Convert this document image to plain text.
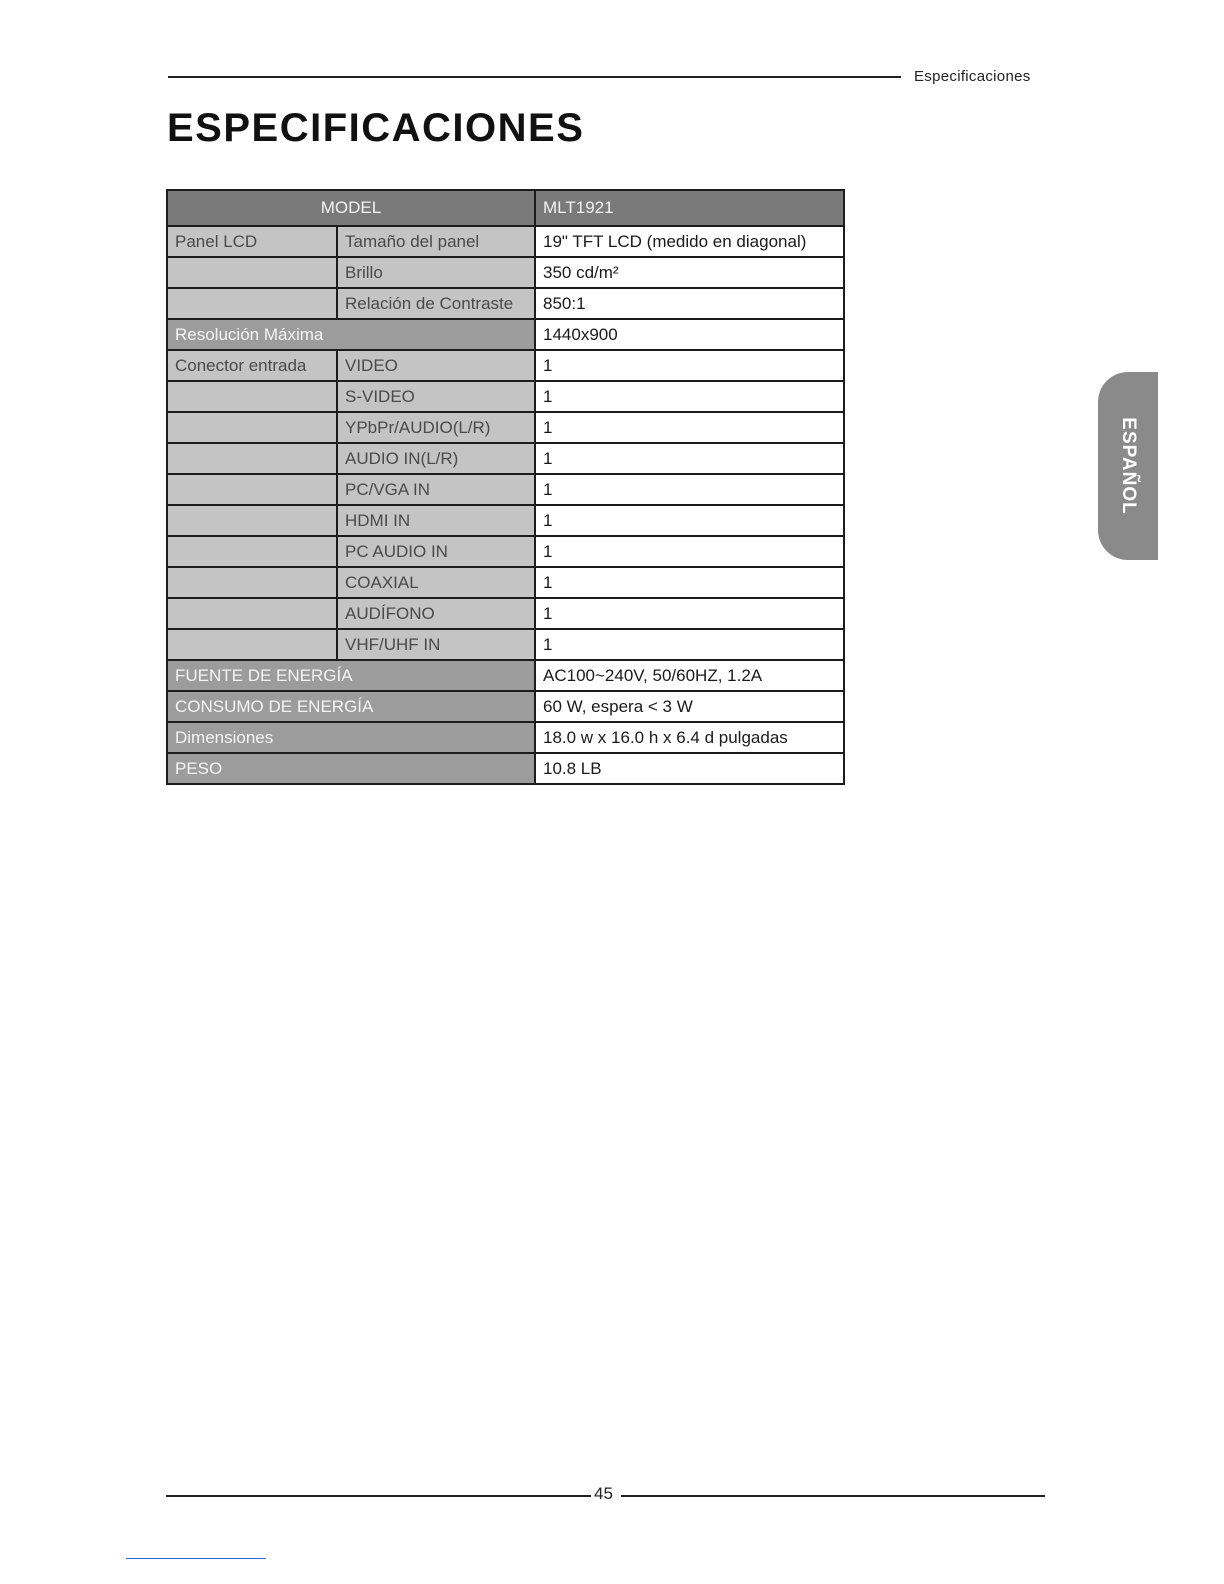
Especificaciones
ESPECIFICACIONES
MODEL		MLT1921
Panel LCD	Tamaño del panel	19" TFT LCD (medido en diagonal)
	Brillo	350 cd/m²
	Relación de Contraste	850:1
Resolución Máxima		1440x900
Conector entrada	VIDEO	1
	S-VIDEO	1
	YPbPr/AUDIO(L/R)	1
	AUDIO IN(L/R)	1
	PC/VGA IN	1
	HDMI IN	1
	PC AUDIO IN	1
	COAXIAL	1
	AUDÍFONO	1
	VHF/UHF IN	1
FUENTE DE ENERGÍA		AC100~240V, 50/60HZ, 1.2A
CONSUMO DE ENERGÍA		60 W, espera < 3 W
Dimensiones		18.0 w x 16.0 h x 6.4 d pulgadas
PESO		10.8 LB
ESPAÑOL
45
